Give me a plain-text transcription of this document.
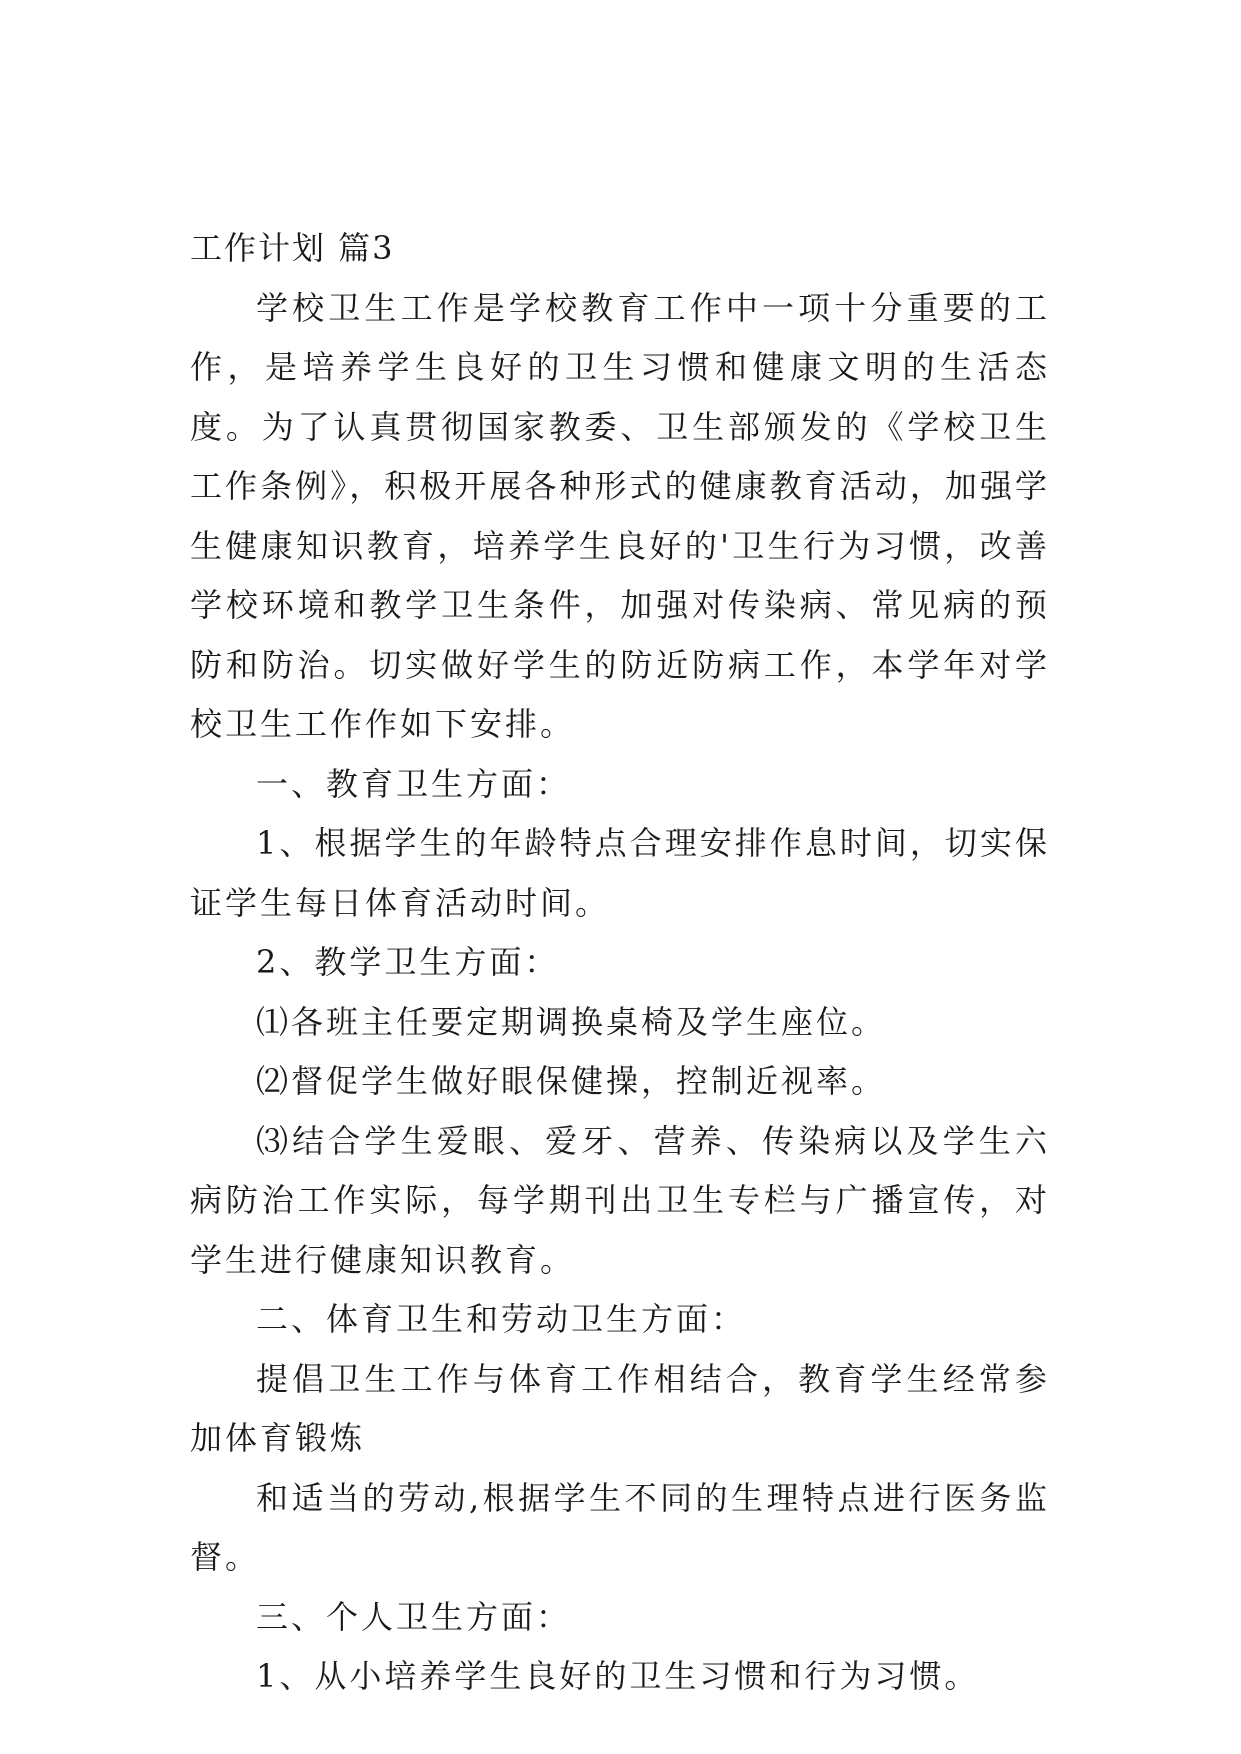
工作计划 篇3

学校卫生工作是学校教育工作中一项十分重要的工作，是培养学生良好的卫生习惯和健康文明的生活态度。为了认真贯彻国家教委、卫生部颁发的《学校卫生工作条例》，积极开展各种形式的健康教育活动，加强学生健康知识教育，培养学生良好的'卫生行为习惯，改善学校环境和教学卫生条件，加强对传染病、常见病的预防和防治。切实做好学生的防近防病工作，本学年对学校卫生工作作如下安排。

一、教育卫生方面：

1、根据学生的年龄特点合理安排作息时间，切实保证学生每日体育活动时间。

2、教学卫生方面：

⑴各班主任要定期调换桌椅及学生座位。

⑵督促学生做好眼保健操，控制近视率。

⑶结合学生爱眼、爱牙、营养、传染病以及学生六病防治工作实际，每学期刊出卫生专栏与广播宣传，对学生进行健康知识教育。

二、体育卫生和劳动卫生方面：

提倡卫生工作与体育工作相结合，教育学生经常参加体育锻炼

和适当的劳动,根据学生不同的生理特点进行医务监督。

三、个人卫生方面：

1、从小培养学生良好的卫生习惯和行为习惯。
